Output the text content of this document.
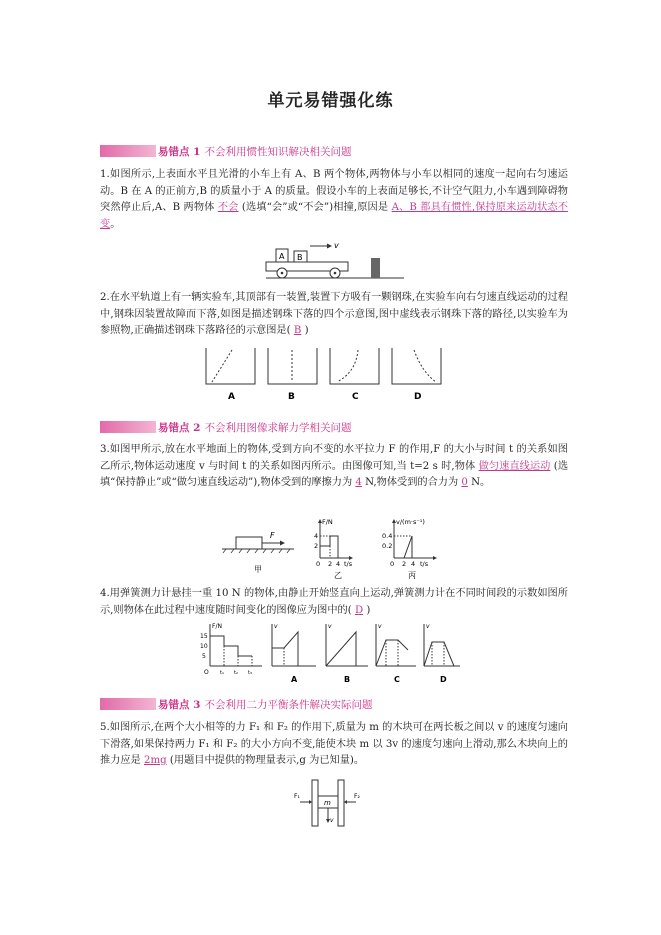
单元易错强化练
易错点 1 不会利用惯性知识解决相关问题
1.如图所示,上表面水平且光滑的小车上有 A、B 两个物体,两物体与小车以相同的速度一起向右匀速运动。B 在 A 的正前方,B 的质量小于 A 的质量。假设小车的上表面足够长,不计空气阻力,小车遇到障碍物突然停止后,A、B 两物体 不会 (选填“会”或“不会”)相撞,原因是 A、B 都具有惯性,保持原来运动状态不变。
A B
v
2.在水平轨道上有一辆实验车,其顶部有一装置,装置下方吸有一颗钢珠,在实验车向右匀速直线运动的过程中,钢珠因装置故障而下落,如图是描述钢珠下落的四个示意图,图中虚线表示钢珠下落的路径,以实验车为参照物,正确描述钢珠下落路径的示意图是( B )
A	B	C	D
易错点 2 不会利用图像求解力学相关问题
3.如图甲所示,放在水平地面上的物体,受到方向不变的水平拉力 F 的作用,F 的大小与时间 t 的关系如图乙所示,物体运动速度 v 与时间 t 的关系如图丙所示。由图像可知,当 t=2 s 时,物体 做匀速直线运动 (选填“保持静止”或“做匀速直线运动”),物体受到的摩擦力为 4 N,物体受到的合力为 0 N。
F
甲
F/N
4
2
0 2 4 t/s
乙
v/(m·s⁻¹)
0.4
0.2
0 2 4 t/s
丙
4.用弹簧测力计悬挂一重 10 N 的物体,由静止开始竖直向上运动,弹簧测力计在不同时间段的示数如图所示,则物体在此过程中速度随时间变化的图像应为图中的( D )
F/N
15
10
5
O t₁ t₂ t₃
v
A
v
B
v
C
v
D
易错点 3 不会利用二力平衡条件解决实际问题
5.如图所示,在两个大小相等的力 F₁ 和 F₂ 的作用下,质量为 m 的木块可在两长板之间以 v 的速度匀速向下滑落,如果保持两力 F₁ 和 F₂ 的大小方向不变,能使木块 m 以 3v 的速度匀速向上滑动,那么木块向上的推力应是 2mg (用题目中提供的物理量表示,g 为已知量)。
m
F₁	F₂
v
